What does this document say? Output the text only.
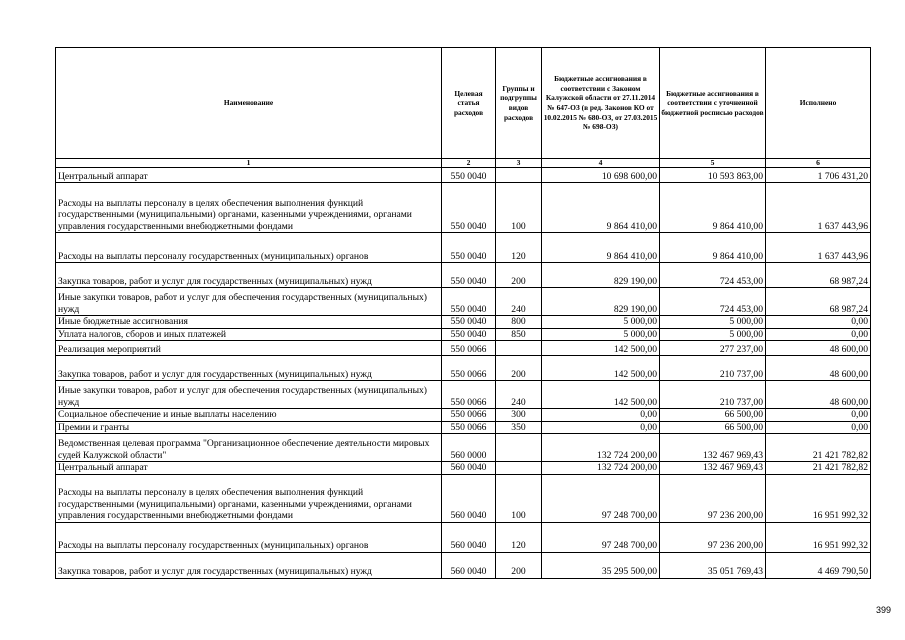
Наименование	Целевая статья расходов	Группы и подгруппы видов расходов	Бюджетные ассигнования в соответствии с Законом Калужской области от 27.11.2014 № 647-ОЗ (в ред. Законов КО от 10.02.2015 № 680-ОЗ, от 27.03.2015 № 698-ОЗ)	Бюджетные ассигнования в соответствии с уточненной бюджетной росписью расходов	Исполнено
1	2	3	4	5	6
Центральный аппарат	550 0040		10 698 600,00	10 593 863,00	1 706 431,20
Расходы на выплаты персоналу в целях обеспечения выполнения функций государственными (муниципальными) органами, казенными учреждениями, органами управления государственными внебюджетными фондами	550 0040	100	9 864 410,00	9 864 410,00	1 637 443,96
Расходы на выплаты персоналу государственных (муниципальных) органов	550 0040	120	9 864 410,00	9 864 410,00	1 637 443,96
Закупка товаров, работ и услуг для государственных (муниципальных) нужд	550 0040	200	829 190,00	724 453,00	68 987,24
Иные закупки товаров, работ и услуг для обеспечения государственных (муниципальных) нужд	550 0040	240	829 190,00	724 453,00	68 987,24
Иные бюджетные ассигнования	550 0040	800	5 000,00	5 000,00	0,00
Уплата налогов, сборов и иных платежей	550 0040	850	5 000,00	5 000,00	0,00
Реализация мероприятий	550 0066		142 500,00	277 237,00	48 600,00
Закупка товаров, работ и услуг для государственных (муниципальных) нужд	550 0066	200	142 500,00	210 737,00	48 600,00
Иные закупки товаров, работ и услуг для обеспечения государственных (муниципальных) нужд	550 0066	240	142 500,00	210 737,00	48 600,00
Социальное обеспечение и иные выплаты населению	550 0066	300	0,00	66 500,00	0,00
Премии и гранты	550 0066	350	0,00	66 500,00	0,00
Ведомственная целевая программа "Организационное обеспечение деятельности мировых судей Калужской области"	560 0000		132 724 200,00	132 467 969,43	21 421 782,82
Центральный аппарат	560 0040		132 724 200,00	132 467 969,43	21 421 782,82
Расходы на выплаты персоналу в целях обеспечения выполнения функций государственными (муниципальными) органами, казенными учреждениями, органами управления государственными внебюджетными фондами	560 0040	100	97 248 700,00	97 236 200,00	16 951 992,32
Расходы на выплаты персоналу государственных (муниципальных) органов	560 0040	120	97 248 700,00	97 236 200,00	16 951 992,32
Закупка товаров, работ и услуг для государственных (муниципальных) нужд	560 0040	200	35 295 500,00	35 051 769,43	4 469 790,50
399
